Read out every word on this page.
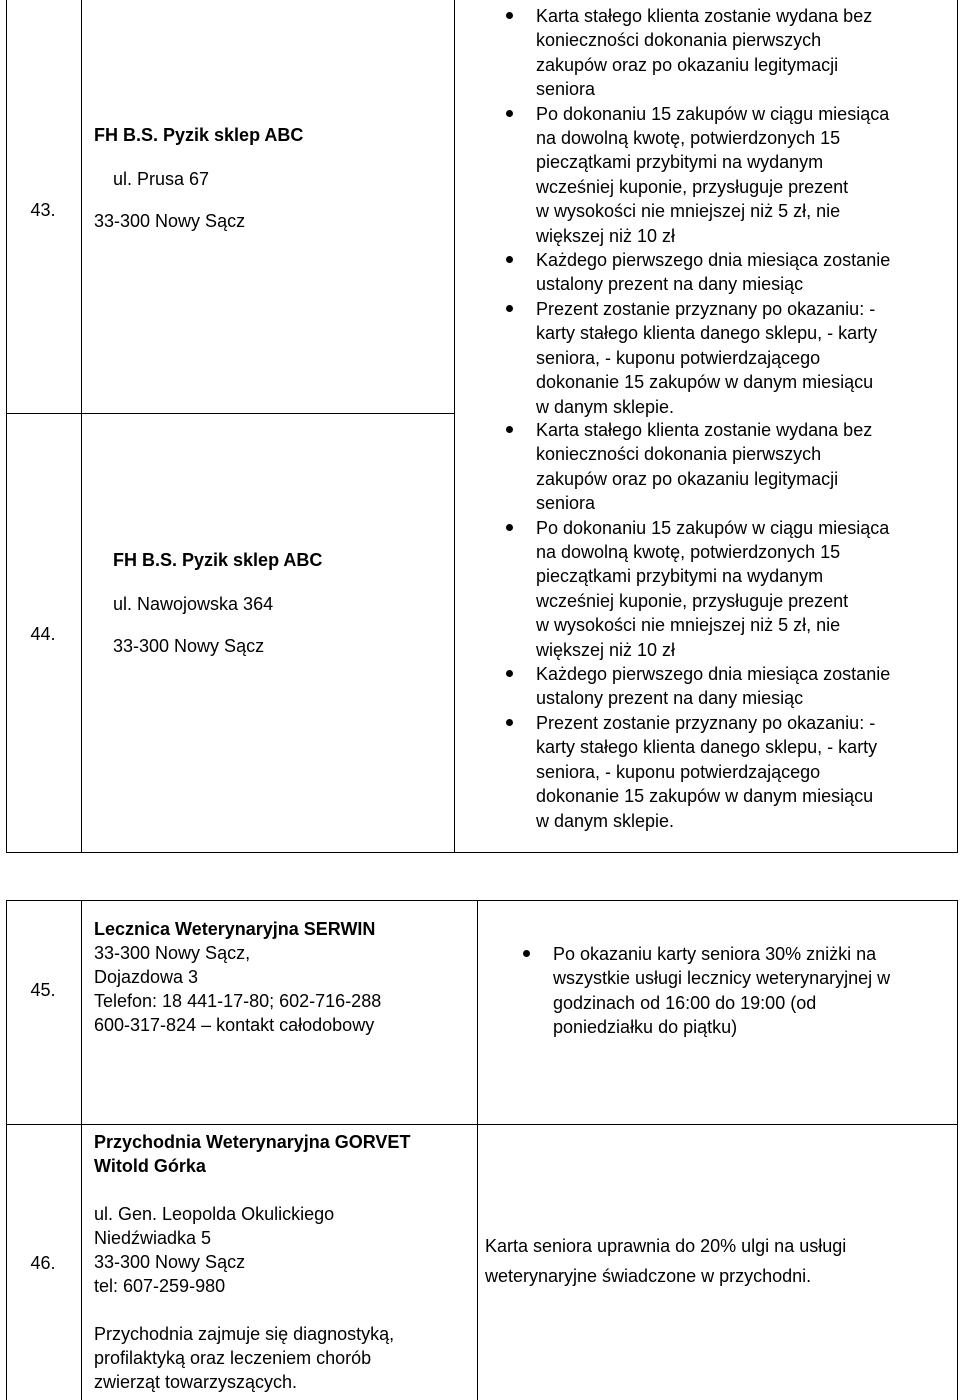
43.
FH B.S. Pyzik sklep ABC
ul. Prusa 67
33-300 Nowy Sącz
44.
FH B.S. Pyzik sklep ABC
ul. Nawojowska 364
33-300 Nowy Sącz
Karta stałego klienta zostanie wydana bez
konieczności dokonania pierwszych
zakupów oraz po okazaniu legitymacji
seniora
Po dokonaniu 15 zakupów w ciągu miesiąca
na dowolną kwotę, potwierdzonych 15
pieczątkami przybitymi na wydanym
wcześniej kuponie, przysługuje prezent
w wysokości nie mniejszej niż 5 zł, nie
większej niż 10 zł
Każdego pierwszego dnia miesiąca zostanie
ustalony prezent na dany miesiąc
Prezent zostanie przyznany po okazaniu: -
karty stałego klienta danego sklepu, - karty
seniora, - kuponu potwierdzającego
dokonanie 15 zakupów w danym miesiącu
w danym sklepie.
Karta stałego klienta zostanie wydana bez
konieczności dokonania pierwszych
zakupów oraz po okazaniu legitymacji
seniora
Po dokonaniu 15 zakupów w ciągu miesiąca
na dowolną kwotę, potwierdzonych 15
pieczątkami przybitymi na wydanym
wcześniej kuponie, przysługuje prezent
w wysokości nie mniejszej niż 5 zł, nie
większej niż 10 zł
Każdego pierwszego dnia miesiąca zostanie
ustalony prezent na dany miesiąc
Prezent zostanie przyznany po okazaniu: -
karty stałego klienta danego sklepu, - karty
seniora, - kuponu potwierdzającego
dokonanie 15 zakupów w danym miesiącu
w danym sklepie.
45.
Lecznica Weterynaryjna SERWIN
33-300 Nowy Sącz,
Dojazdowa 3
Telefon: 18 441-17-80; 602-716-288
600-317-824 – kontakt całodobowy
Po okazaniu karty seniora 30% zniżki na
wszystkie usługi lecznicy weterynaryjnej w
godzinach od 16:00 do 19:00 (od
poniedziałku do piątku)
46.
Przychodnia Weterynaryjna GORVET
Witold Górka
ul. Gen. Leopolda Okulickiego
Niedźwiadka 5
33-300 Nowy Sącz
tel: 607-259-980
Przychodnia zajmuje się diagnostyką,
profilaktyką oraz leczeniem chorób
zwierząt towarzyszących.
Karta seniora uprawnia do 20% ulgi na usługi
weterynaryjne świadczone w przychodni.
